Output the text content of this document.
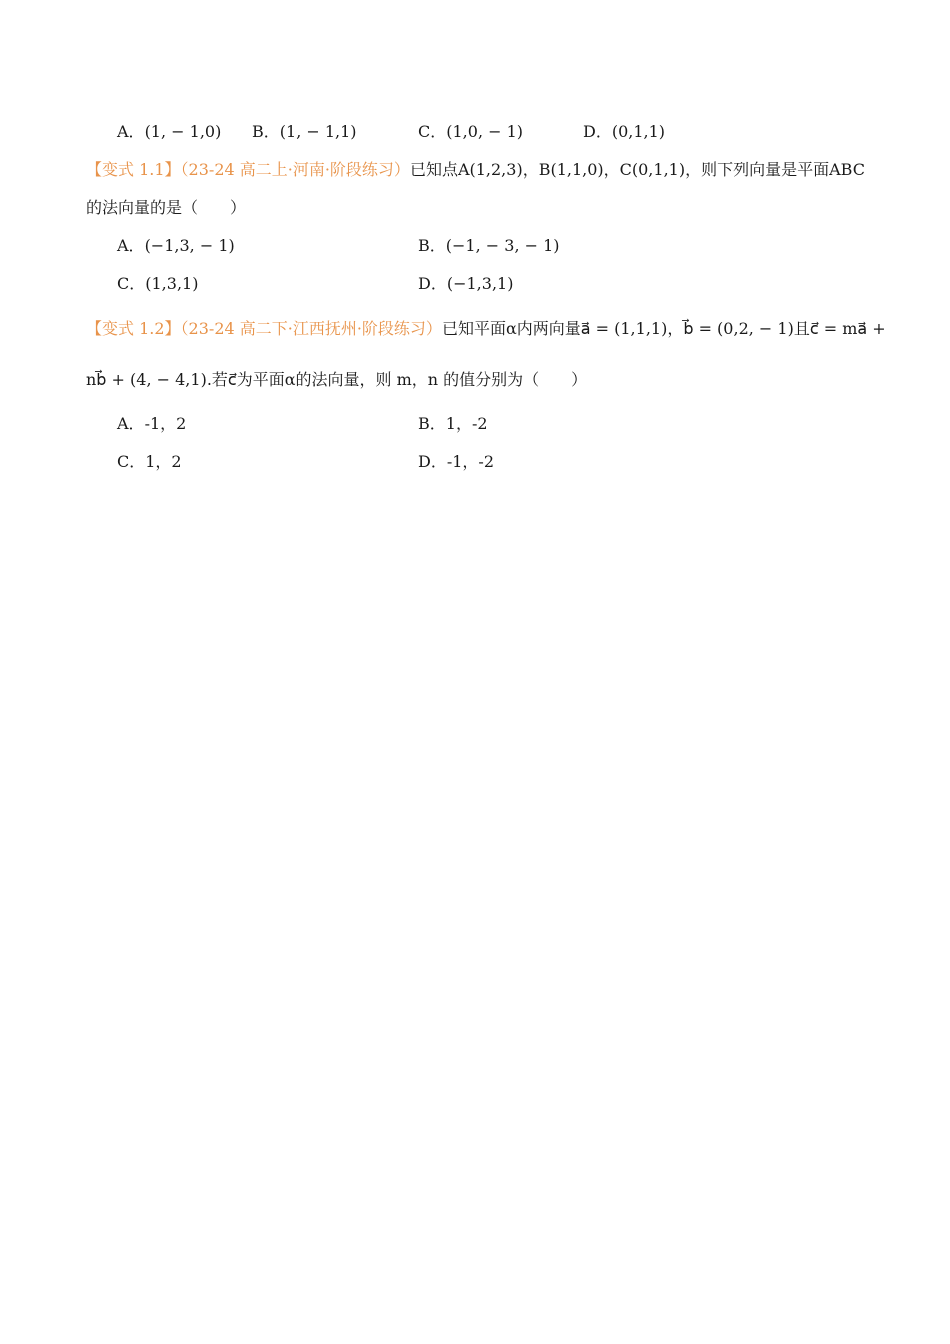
A．(1, − 1,0) B．(1, − 1,1)	C．(1,0, − 1)	D．(0,1,1)
【变式 1.1】（23-24 高二上·河南·阶段练习）已知点A(1,2,3)，B(1,1,0)，C(0,1,1)，则下列向量是平面ABC
的法向量的是（　　）
A．(−1,3, − 1)	B．(−1, − 3, − 1)
C．(1,3,1)	D．(−1,3,1)
【变式 1.2】（23-24 高二下·江西抚州·阶段练习）已知平面α内两向量a⃗ = (1,1,1)，b⃗ = (0,2, − 1)且c⃗ = ma⃗ +
nb⃗ + (4, − 4,1).若c⃗为平面α的法向量，则 m，n 的值分别为（　　）
A．-1，2	B．1，-2
C．1，2	D．-1，-2
